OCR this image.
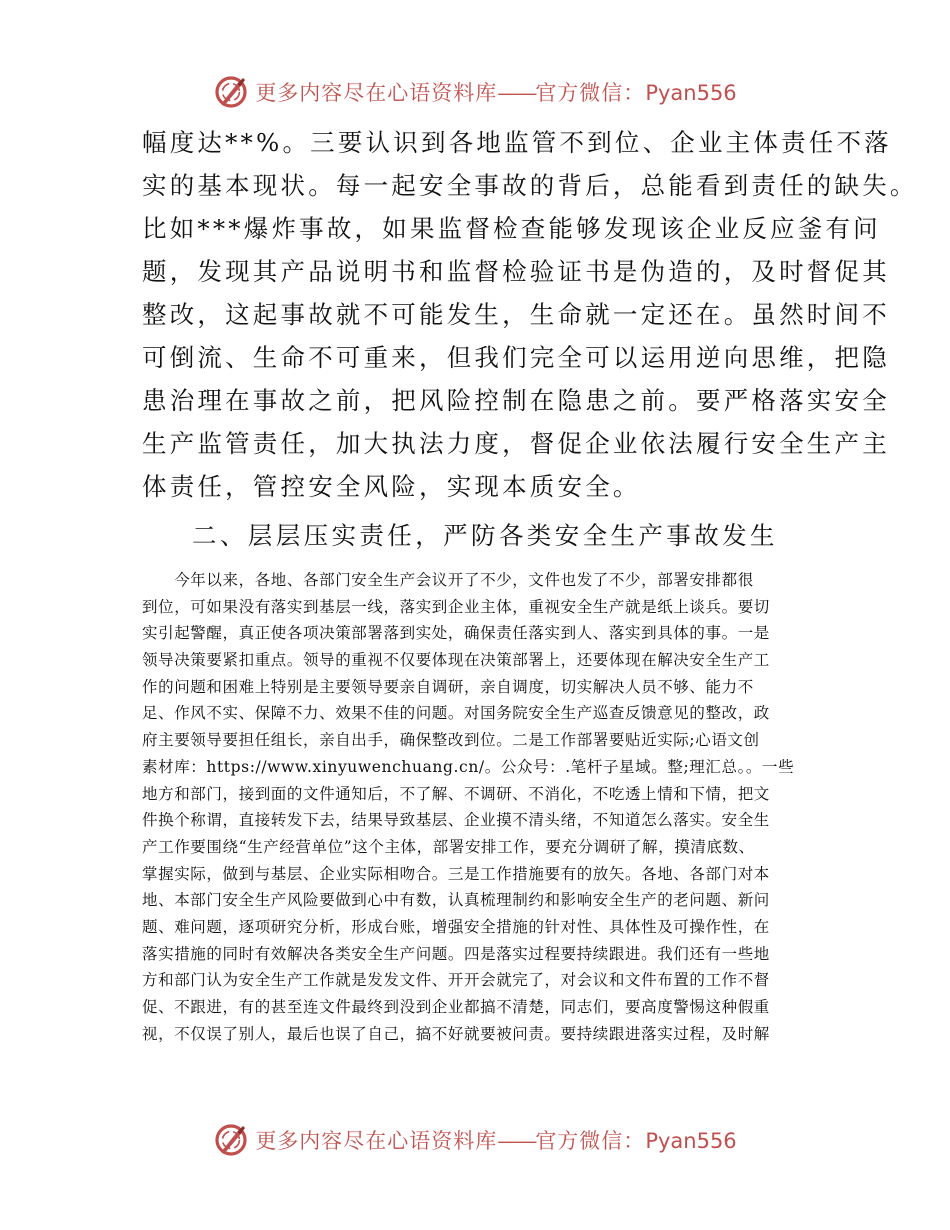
更多内容尽在心语资料库——官方微信：Pyan556
幅度达**%。三要认识到各地监管不到位、企业主体责任不落
实的基本现状。每一起安全事故的背后，总能看到责任的缺失。
比如***爆炸事故，如果监督检查能够发现该企业反应釜有问
题，发现其产品说明书和监督检验证书是伪造的，及时督促其
整改，这起事故就不可能发生，生命就一定还在。虽然时间不
可倒流、生命不可重来，但我们完全可以运用逆向思维，把隐
患治理在事故之前，把风险控制在隐患之前。要严格落实安全
生产监管责任，加大执法力度，督促企业依法履行安全生产主
体责任，管控安全风险，实现本质安全。
二、层层压实责任，严防各类安全生产事故发生
　　今年以来，各地、各部门安全生产会议开了不少，文件也发了不少，部署安排都很
到位，可如果没有落实到基层一线，落实到企业主体，重视安全生产就是纸上谈兵。要切
实引起警醒，真正使各项决策部署落到实处，确保责任落实到人、落实到具体的事。一是
领导决策要紧扣重点。领导的重视不仅要体现在决策部署上，还要体现在解决安全生产工
作的问题和困难上特别是主要领导要亲自调研，亲自调度，切实解决人员不够、能力不
足、作风不实、保障不力、效果不佳的问题。对国务院安全生产巡查反馈意见的整改，政
府主要领导要担任组长，亲自出手，确保整改到位。二是工作部署要贴近实际;心语文创
素材库：https://www.xinyuwenchuang.cn/。公众号：.笔杆子星域。整;理汇总。。一些
地方和部门，接到面的文件通知后，不了解、不调研、不消化，不吃透上情和下情，把文
件换个称谓，直接转发下去，结果导致基层、企业摸不清头绪，不知道怎么落实。安全生
产工作要围绕“生产经营单位”这个主体，部署安排工作，要充分调研了解，摸清底数、
掌握实际，做到与基层、企业实际相吻合。三是工作措施要有的放矢。各地、各部门对本
地、本部门安全生产风险要做到心中有数，认真梳理制约和影响安全生产的老问题、新问
题、难问题，逐项研究分析，形成台账，增强安全措施的针对性、具体性及可操作性，在
落实措施的同时有效解决各类安全生产问题。四是落实过程要持续跟进。我们还有一些地
方和部门认为安全生产工作就是发发文件、开开会就完了，对会议和文件布置的工作不督
促、不跟进，有的甚至连文件最终到没到企业都搞不清楚，同志们，要高度警惕这种假重
视，不仅误了别人，最后也误了自己，搞不好就要被问责。要持续跟进落实过程，及时解
更多内容尽在心语资料库——官方微信：Pyan556
